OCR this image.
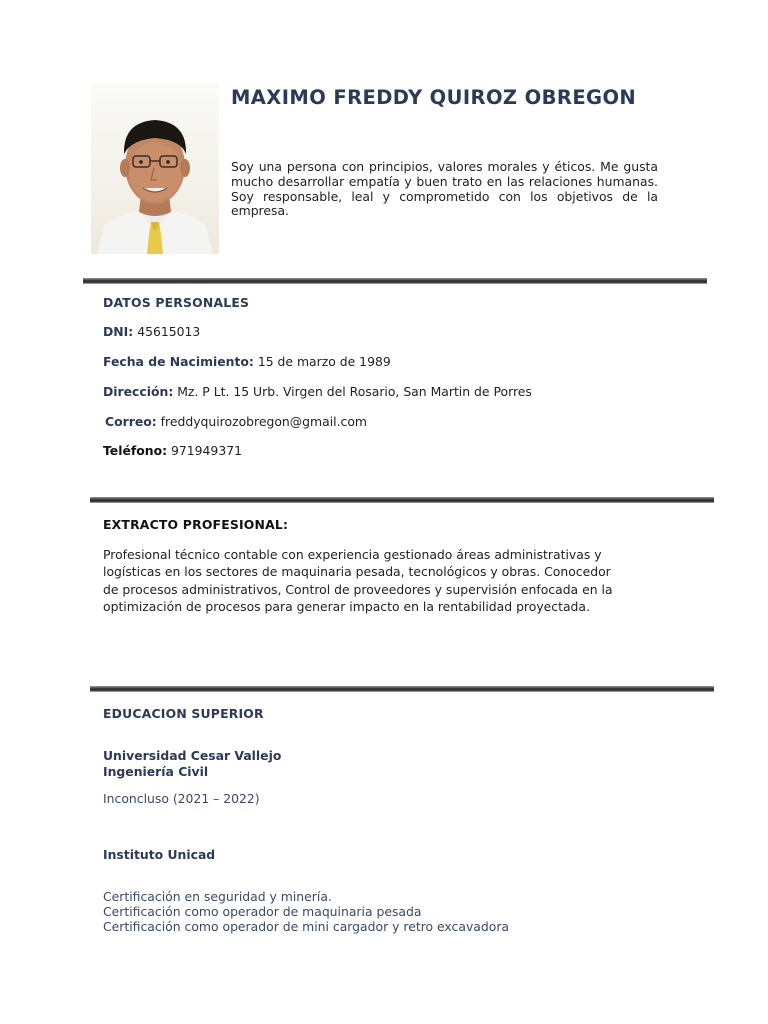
MAXIMO FREDDY QUIROZ OBREGON

Soy una persona con principios, valores morales y éticos. Me gusta mucho desarrollar empatía y buen trato en las relaciones humanas. Soy responsable, leal y comprometido con los objetivos de la empresa.

DATOS PERSONALES
DNI: 45615013
Fecha de Nacimiento: 15 de marzo de 1989
Dirección: Mz. P Lt. 15 Urb. Virgen del Rosario, San Martin de Porres
Correo: freddyquirozobregon@gmail.com
Teléfono: 971949371
EXTRACTO PROFESIONAL:

Profesional técnico contable con experiencia gestionado áreas administrativas y logísticas en los sectores de maquinaria pesada, tecnológicos y obras. Conocedor de procesos administrativos, Control de proveedores y supervisión enfocada en la optimización de procesos para generar impacto en la rentabilidad proyectada.

EDUCACION SUPERIOR
Universidad Cesar Vallejo
Ingeniería Civil
Inconcluso (2021 – 2022)
Instituto Unicad
Certificación en seguridad y minería.
Certificación como operador de maquinaria pesada
Certificación como operador de mini cargador y retro excavadora
